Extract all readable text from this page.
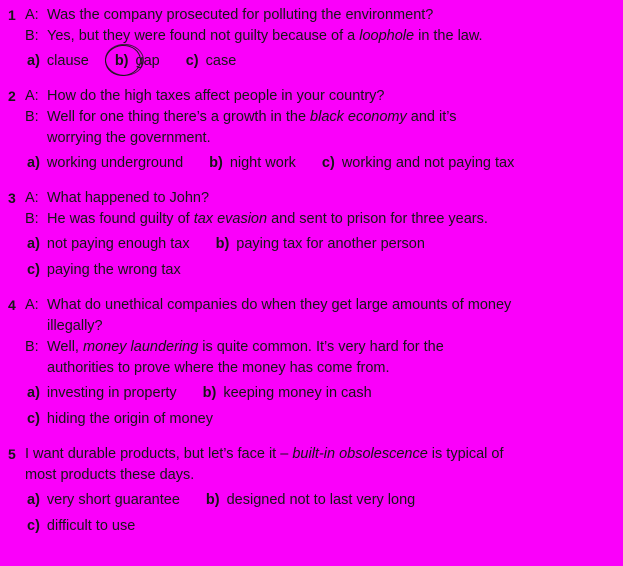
1 A: Was the company prosecuted for polluting the environment?
B: Yes, but they were found not guilty because of a loophole in the law.
a) clause b) gap c) case
2 A: How do the high taxes affect people in your country?
B: Well for one thing there’s a growth in the black economy and it’s
worrying the government.
a) working underground b) night work c) working and not paying tax
3 A: What happened to John?
B: He was found guilty of tax evasion and sent to prison for three years.
a) not paying enough tax b) paying tax for another person
c) paying the wrong tax
4 A: What do unethical companies do when they get large amounts of money
illegally?
B: Well, money laundering is quite common. It’s very hard for the
authorities to prove where the money has come from.
a) investing in property b) keeping money in cash
c) hiding the origin of money
5 I want durable products, but let’s face it – built-in obsolescence is typical of
most products these days.
a) very short guarantee b) designed not to last very long
c) difficult to use
